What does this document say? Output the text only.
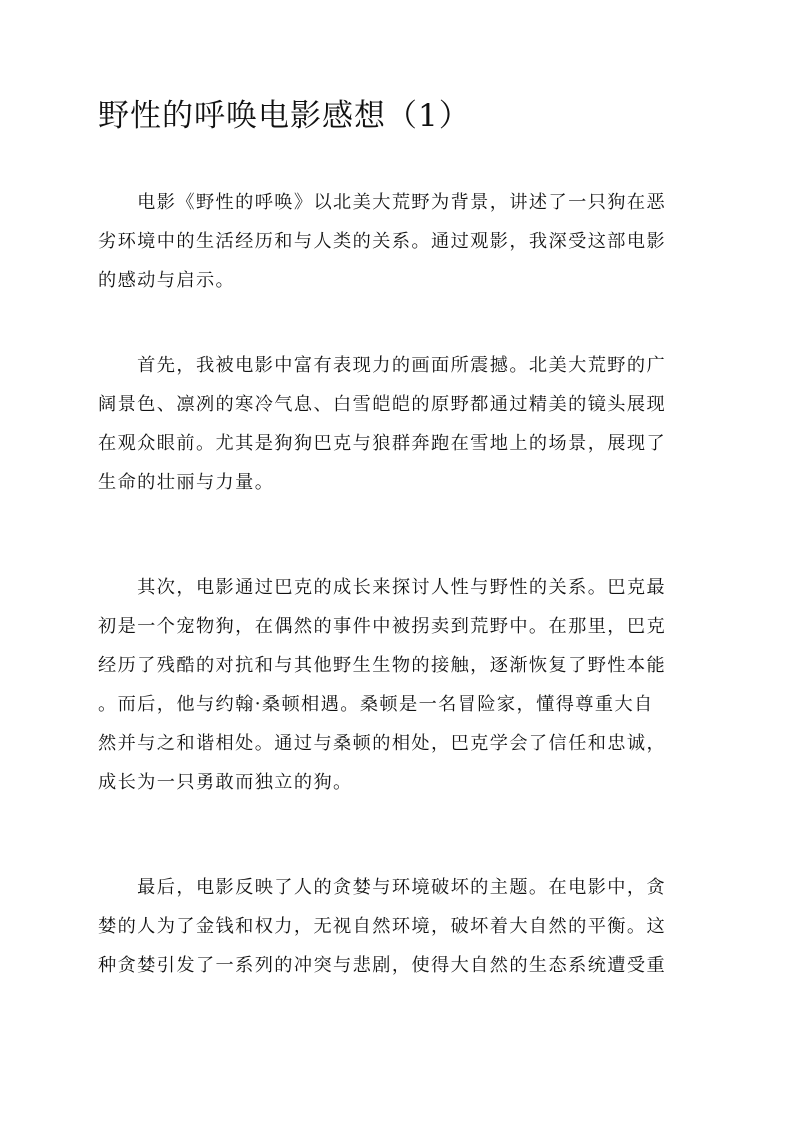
野性的呼唤电影感想（1）
　　电影《野性的呼唤》以北美大荒野为背景，讲述了一只狗在恶
劣环境中的生活经历和与人类的关系。通过观影，我深受这部电影
的感动与启示。
　　首先，我被电影中富有表现力的画面所震撼。北美大荒野的广
阔景色、凛冽的寒冷气息、白雪皑皑的原野都通过精美的镜头展现
在观众眼前。尤其是狗狗巴克与狼群奔跑在雪地上的场景，展现了
生命的壮丽与力量。
　　其次，电影通过巴克的成长来探讨人性与野性的关系。巴克最
初是一个宠物狗，在偶然的事件中被拐卖到荒野中。在那里，巴克
经历了残酷的对抗和与其他野生生物的接触，逐渐恢复了野性本能
。而后，他与约翰·桑顿相遇。桑顿是一名冒险家，懂得尊重大自
然并与之和谐相处。通过与桑顿的相处，巴克学会了信任和忠诚，
成长为一只勇敢而独立的狗。
　　最后，电影反映了人的贪婪与环境破坏的主题。在电影中，贪
婪的人为了金钱和权力，无视自然环境，破坏着大自然的平衡。这
种贪婪引发了一系列的冲突与悲剧，使得大自然的生态系统遭受重
